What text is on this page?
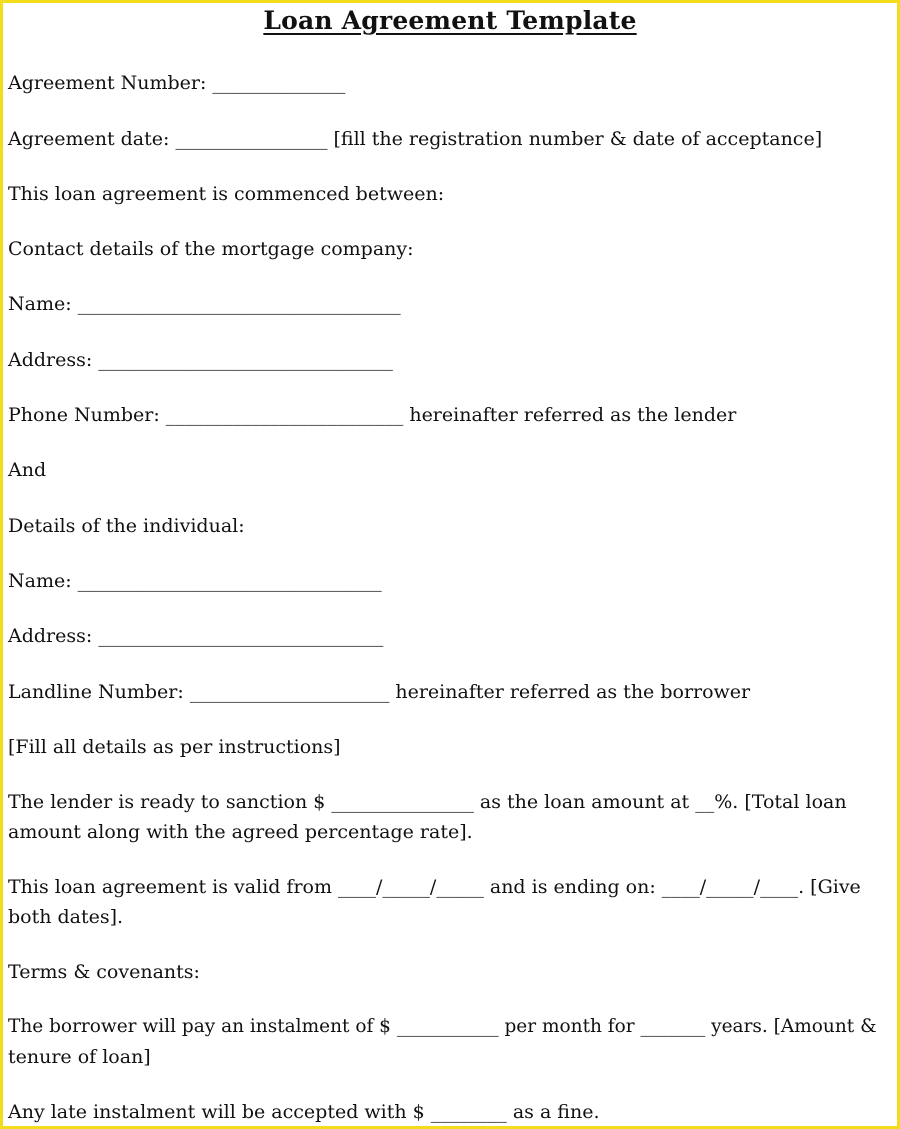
Loan Agreement Template
Agreement Number: ______________
Agreement date: ________________ [fill the registration number & date of acceptance]
This loan agreement is commenced between:
Contact details of the mortgage company:
Name: __________________________________
Address: _______________________________
Phone Number: _________________________ hereinafter referred as the lender
And
Details of the individual:
Name: ________________________________
Address: ______________________________
Landline Number: _____________________ hereinafter referred as the borrower
[Fill all details as per instructions]
The lender is ready to sanction $ _______________ as the loan amount at __%. [Total loan
amount along with the agreed percentage rate].
This loan agreement is valid from ____/_____/_____ and is ending on: ____/_____/____. [Give
both dates].
Terms & covenants:
The borrower will pay an instalment of $ ___________ per month for _______ years. [Amount &
tenure of loan]
Any late instalment will be accepted with $ ________ as a fine.
